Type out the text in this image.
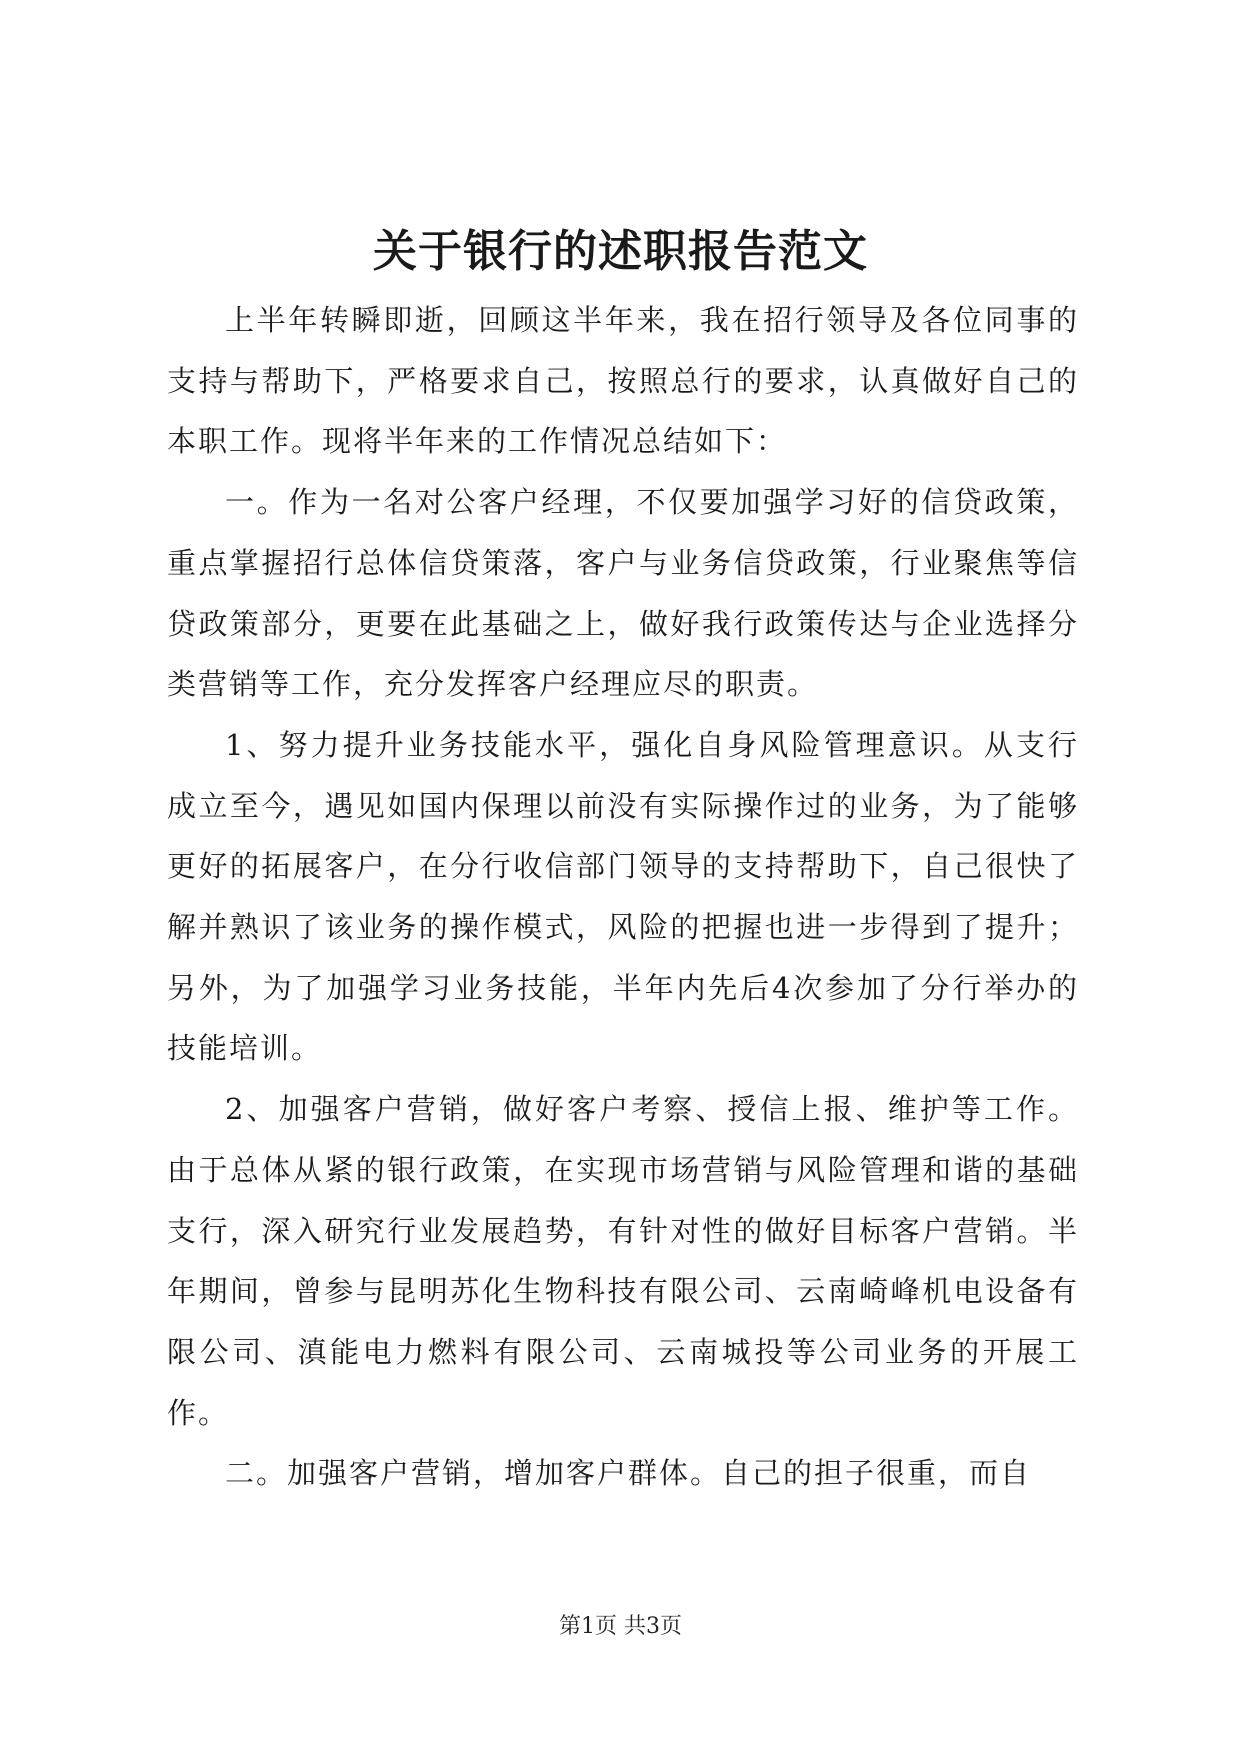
关于银行的述职报告范文

上半年转瞬即逝，回顾这半年来，我在招行领导及各位同事的支持与帮助下，严格要求自己，按照总行的要求，认真做好自己的本职工作。现将半年来的工作情况总结如下：

一。作为一名对公客户经理，不仅要加强学习好的信贷政策，重点掌握招行总体信贷策落，客户与业务信贷政策，行业聚焦等信贷政策部分，更要在此基础之上，做好我行政策传达与企业选择分类营销等工作，充分发挥客户经理应尽的职责。

1、努力提升业务技能水平，强化自身风险管理意识。从支行成立至今，遇见如国内保理以前没有实际操作过的业务，为了能够更好的拓展客户，在分行收信部门领导的支持帮助下，自己很快了解并熟识了该业务的操作模式，风险的把握也进一步得到了提升；另外，为了加强学习业务技能，半年内先后4次参加了分行举办的技能培训。

2、加强客户营销，做好客户考察、授信上报、维护等工作。由于总体从紧的银行政策，在实现市场营销与风险管理和谐的基础支行，深入研究行业发展趋势，有针对性的做好目标客户营销。半年期间，曾参与昆明苏化生物科技有限公司、云南崎峰机电设备有限公司、滇能电力燃料有限公司、云南城投等公司业务的开展工作。

二。加强客户营销，增加客户群体。自己的担子很重，而自

第1页 共3页
